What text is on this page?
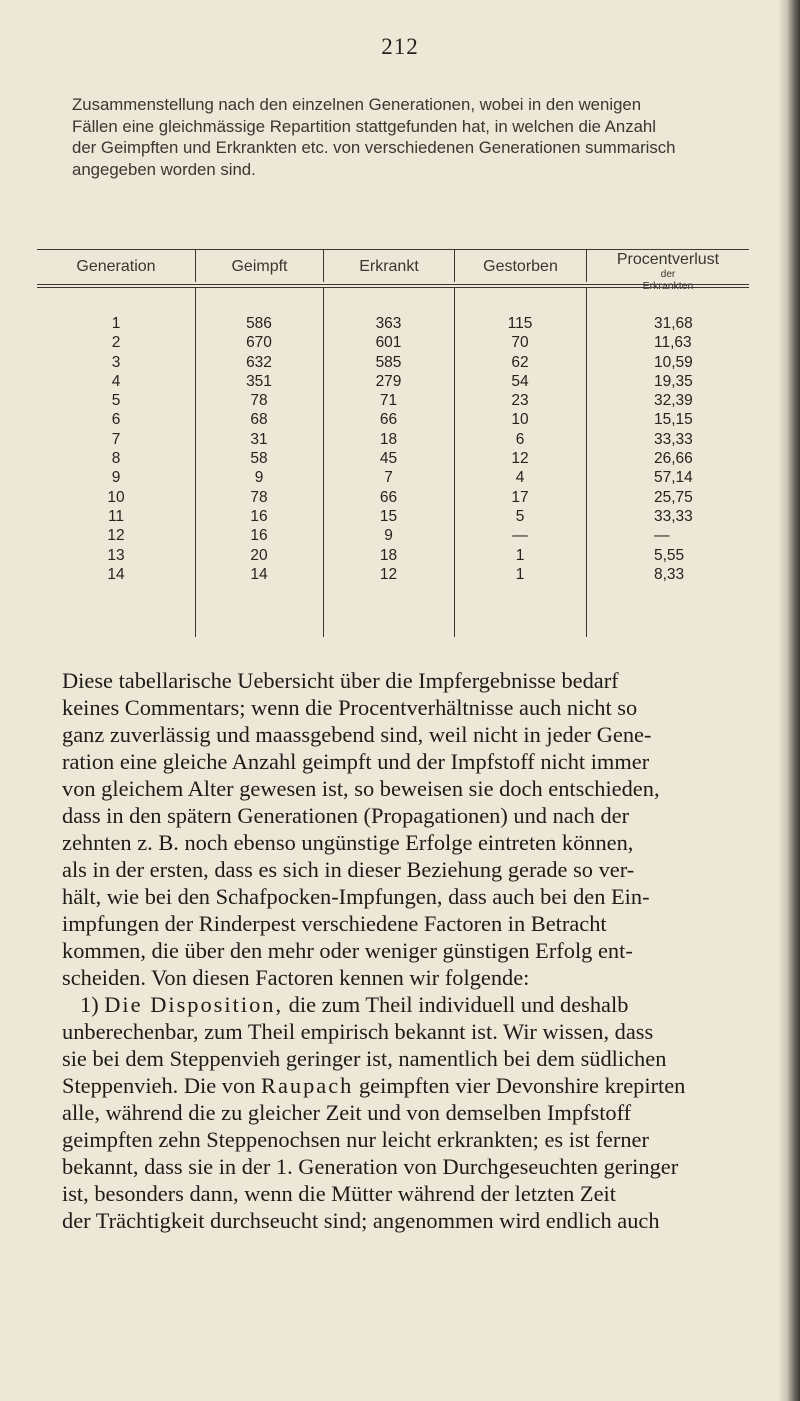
212
Zusammenstellung nach den einzelnen Generationen, wobei in den wenigen
Fällen eine gleichmässige Repartition stattgefunden hat, in welchen die Anzahl
der Geimpften und Erkrankten etc. von verschiedenen Generationen summarisch
angegeben worden sind.
Generation	Geimpft	Erkrankt	Gestorben	Procentverlust
der
Erkrankten
1	586	363	115	31,68
2	670	601	70	11,63
3	632	585	62	10,59
4	351	279	54	19,35
5	78	71	23	32,39
6	68	66	10	15,15
7	31	18	6	33,33
8	58	45	12	26,66
9	9	7	4	57,14
10	78	66	17	25,75
11	16	15	5	33,33
12	16	9	—	—
13	20	18	1	5,55
14	14	12	1	8,33
Diese tabellarische Uebersicht über die Impfergebnisse bedarf
keines Commentars; wenn die Procentverhältnisse auch nicht so
ganz zuverlässig und maassgebend sind, weil nicht in jeder Gene-
ration eine gleiche Anzahl geimpft und der Impfstoff nicht immer
von gleichem Alter gewesen ist, so beweisen sie doch entschieden,
dass in den spätern Generationen (Propagationen) und nach der
zehnten z. B. noch ebenso ungünstige Erfolge eintreten können,
als in der ersten, dass es sich in dieser Beziehung gerade so ver-
hält, wie bei den Schafpocken-Impfungen, dass auch bei den Ein-
impfungen der Rinderpest verschiedene Factoren in Betracht
kommen, die über den mehr oder weniger günstigen Erfolg ent-
scheiden. Von diesen Factoren kennen wir folgende:
1) Die Disposition, die zum Theil individuell und deshalb
unberechenbar, zum Theil empirisch bekannt ist. Wir wissen, dass
sie bei dem Steppenvieh geringer ist, namentlich bei dem südlichen
Steppenvieh. Die von Raupach geimpften vier Devonshire krepirten
alle, während die zu gleicher Zeit und von demselben Impfstoff
geimpften zehn Steppenochsen nur leicht erkrankten; es ist ferner
bekannt, dass sie in der 1. Generation von Durchgeseuchten geringer
ist, besonders dann, wenn die Mütter während der letzten Zeit
der Trächtigkeit durchseucht sind; angenommen wird endlich auch
